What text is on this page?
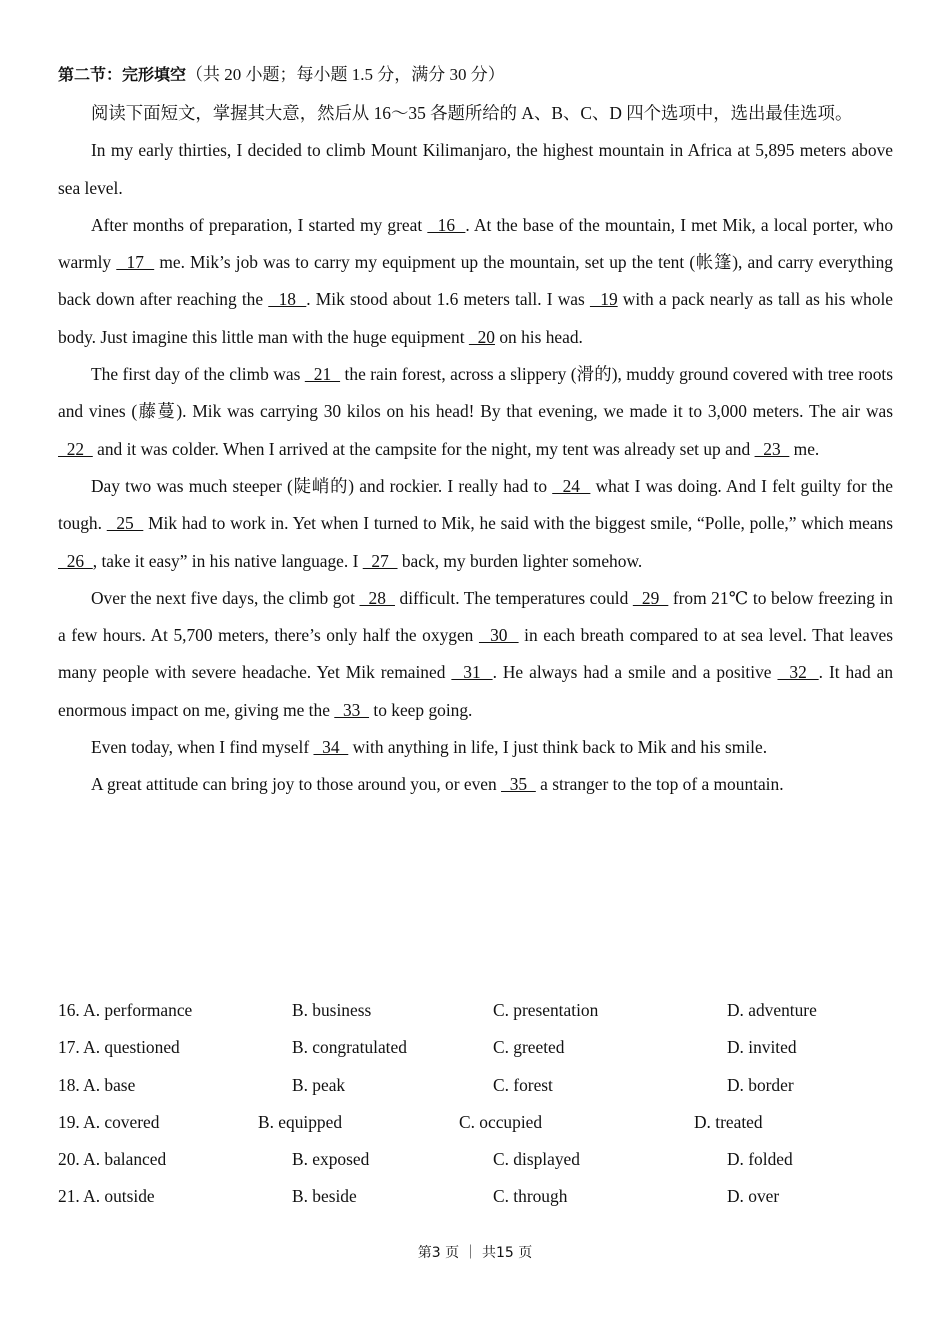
第二节：完形填空（共 20 小题；每小题 1.5 分，满分 30 分）

阅读下面短文，掌握其大意，然后从 16～35 各题所给的 A、B、C、D 四个选项中，选出最佳选项。

In my early thirties, I decided to climb Mount Kilimanjaro, the highest mountain in Africa at 5,895 meters above sea level.

After months of preparation, I started my great   16  . At the base of the mountain, I met Mik, a local porter, who warmly   17   me. Mik’s job was to carry my equipment up the mountain, set up the tent (帐篷), and carry everything back down after reaching the   18  . Mik stood about 1.6 meters tall. I was   19 with a pack nearly as tall as his whole body. Just imagine this little man with the huge equipment   20 on his head.

The first day of the climb was   21   the rain forest, across a slippery (滑的), muddy ground covered with tree roots and vines (藤蔓). Mik was carrying 30 kilos on his head! By that evening, we made it to 3,000 meters. The air was   22   and it was colder. When I arrived at the campsite for the night, my tent was already set up and   23   me.

Day two was much steeper (陡峭的) and rockier. I really had to   24   what I was doing. And I felt guilty for the tough.   25   Mik had to work in. Yet when I turned to Mik, he said with the biggest smile, “Polle, polle,” which means   26  , take it easy” in his native language. I   27   back, my burden lighter somehow.

Over the next five days, the climb got   28   difficult. The temperatures could   29   from 21℃ to below freezing in a few hours. At 5,700 meters, there’s only half the oxygen   30   in each breath compared to at sea level. That leaves many people with severe headache. Yet Mik remained   31  . He always had a smile and a positive   32  . It had an enormous impact on me, giving me the   33   to keep going.

Even today, when I find myself   34   with anything in life, I just think back to Mik and his smile.

A great attitude can bring joy to those around you, or even   35   a stranger to the top of a mountain.

16. A. performance	B. business	C. presentation	D. adventure
17. A. questioned	B. congratulated	C. greeted	D. invited
18. A. base	B. peak	C. forest	D. border
19. A. covered	B. equipped	C. occupied	D. treated
20. A. balanced	B. exposed	C. displayed	D. folded
21. A. outside	B. beside	C. through	D. over
第3 页 ｜ 共15 页
